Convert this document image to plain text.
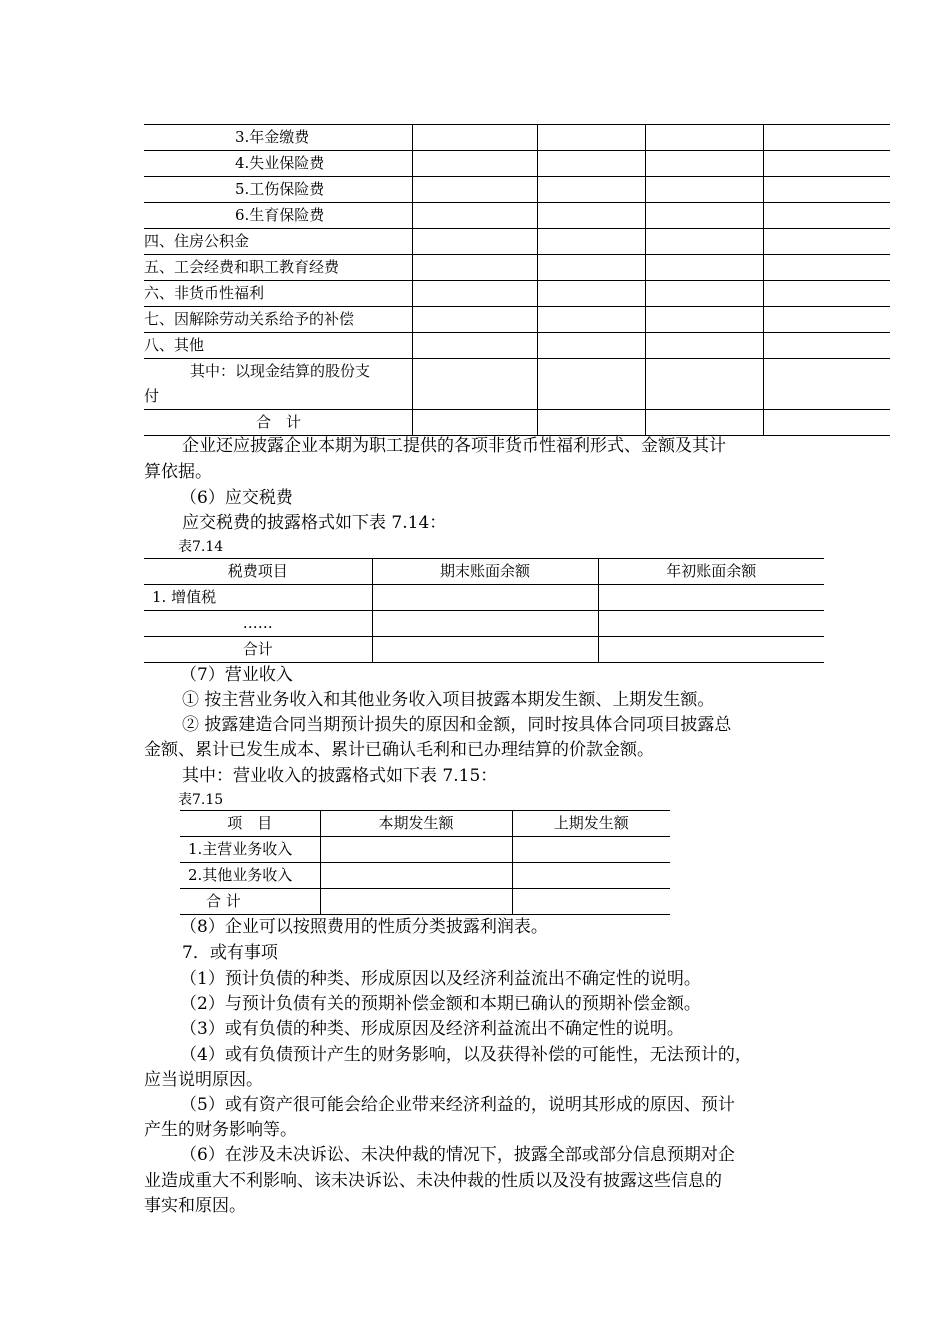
3.年金缴费				
4.失业保险费				
5.工伤保险费				
6.生育保险费				
四、住房公积金				
五、工会经费和职工教育经费				
六、非货币性福利				
七、因解除劳动关系给予的补偿				
八、其他				
其中：以现金结算的股份支
付				
合　计				
企业还应披露企业本期为职工提供的各项非货币性福利形式、金额及其计
算依据。
（6）应交税费
应交税费的披露格式如下表 7.14：
表7.14
税费项目	期末账面余额	年初账面余额
1. 增值税		
……		
合计		
（7）营业收入
① 按主营业务收入和其他业务收入项目披露本期发生额、上期发生额。
② 披露建造合同当期预计损失的原因和金额，同时按具体合同项目披露总
金额、累计已发生成本、累计已确认毛利和已办理结算的价款金额。
其中：营业收入的披露格式如下表 7.15：
表7.15
项　目	本期发生额	上期发生额
1.主营业务收入		
2.其他业务收入		
合 计		
（8）企业可以按照费用的性质分类披露利润表。
7．或有事项
（1）预计负债的种类、形成原因以及经济利益流出不确定性的说明。
（2）与预计负债有关的预期补偿金额和本期已确认的预期补偿金额。
（3）或有负债的种类、形成原因及经济利益流出不确定性的说明。
（4）或有负债预计产生的财务影响，以及获得补偿的可能性，无法预计的，
应当说明原因。
（5）或有资产很可能会给企业带来经济利益的，说明其形成的原因、预计
产生的财务影响等。
（6）在涉及未决诉讼、未决仲裁的情况下，披露全部或部分信息预期对企
业造成重大不利影响、该未决诉讼、未决仲裁的性质以及没有披露这些信息的
事实和原因。
